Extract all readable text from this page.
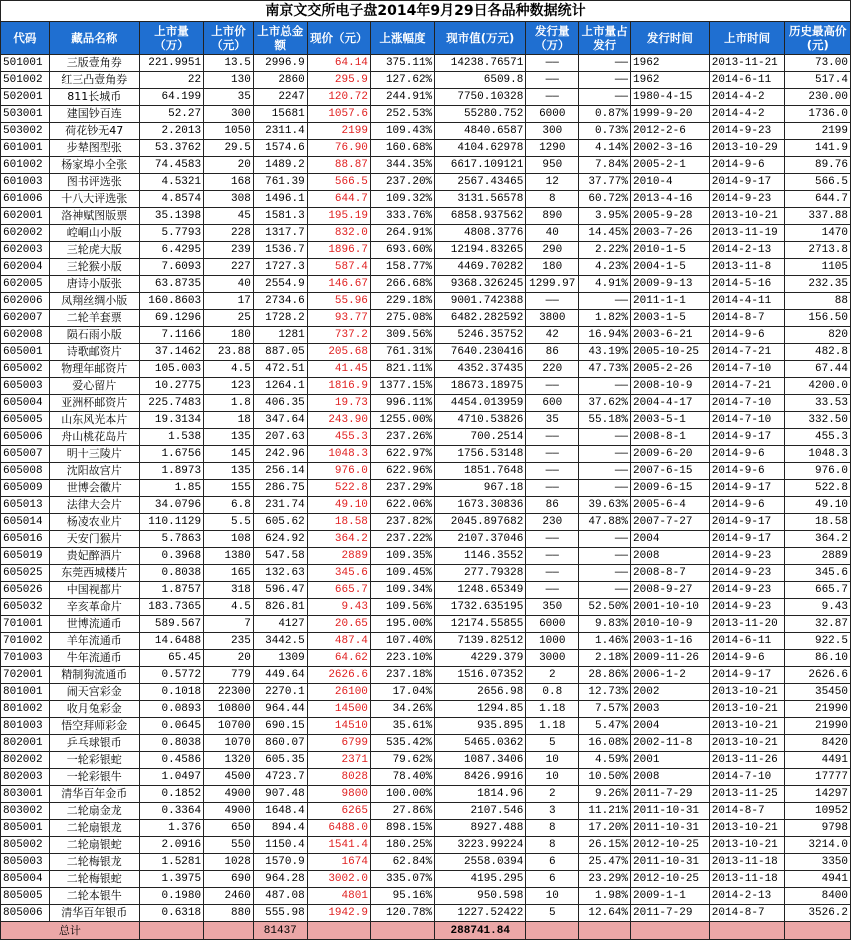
南京文交所电子盘2014年9月29日各品种数据统计												
代码	藏品名称	上市量（万）	上市价（元）	上市总金额	现价（元）	上涨幅度	现市值(万元)	发行量（万）	上市量占发行	发行时间	上市时间	历史最高价(元)
501001	三版壹角券	221.9951	13.5	2996.9	64.14	375.11%	14238.76571	——	——	1962	2013-11-21	73.00
501002	红三凸壹角券	22	130	2860	295.9	127.62%	6509.8	——	——	1962	2014-6-11	517.4
502001	811长城币	64.199	35	2247	120.72	244.91%	7750.10328	——	——	1980-4-15	2014-4-2	230.00
503001	建国钞百连	52.27	300	15681	1057.6	252.53%	55280.752	6000	0.87%	1999-9-20	2014-4-2	1736.0
503002	荷花钞无47	2.2013	1050	2311.4	2199	109.43%	4840.6587	300	0.73%	2012-2-6	2014-9-23	2199
601001	步辇图型张	53.3762	29.5	1574.6	76.90	160.68%	4104.62978	1290	4.14%	2002-3-16	2013-10-29	141.9
601002	杨家埠小全张	74.4583	20	1489.2	88.87	344.35%	6617.109121	950	7.84%	2005-2-1	2014-9-6	89.76
601003	图书评选张	4.5321	168	761.39	566.5	237.20%	2567.43465	12	37.77%	2010-4	2014-9-17	566.5
601006	十八大评选张	4.8574	308	1496.1	644.7	109.32%	3131.56578	8	60.72%	2013-4-16	2014-9-23	644.7
602001	洛神赋图版票	35.1398	45	1581.3	195.19	333.76%	6858.937562	890	3.95%	2005-9-28	2013-10-21	337.88
602002	崆峒山小版	5.7793	228	1317.7	832.0	264.91%	4808.3776	40	14.45%	2003-7-26	2013-11-19	1470
602003	三轮虎大版	6.4295	239	1536.7	1896.7	693.60%	12194.83265	290	2.22%	2010-1-5	2014-2-13	2713.8
602004	三轮猴小版	7.6093	227	1727.3	587.4	158.77%	4469.70282	180	4.23%	2004-1-5	2013-11-8	1105
602005	唐诗小版张	63.8735	40	2554.9	146.67	266.68%	9368.326245	1299.97	4.91%	2009-9-13	2014-5-16	232.35
602006	凤翔丝绸小版	160.8603	17	2734.6	55.96	229.18%	9001.742388	——	——	2011-1-1	2014-4-11	88
602007	二轮羊套票	69.1296	25	1728.2	93.77	275.08%	6482.282592	3800	1.82%	2003-1-5	2014-8-7	156.50
602008	陨石雨小版	7.1166	180	1281	737.2	309.56%	5246.35752	42	16.94%	2003-6-21	2014-9-6	820
605001	诗歌邮资片	37.1462	23.88	887.05	205.68	761.31%	7640.230416	86	43.19%	2005-10-25	2014-7-21	482.8
605002	物理年邮资片	105.003	4.5	472.51	41.45	821.11%	4352.37435	220	47.73%	2005-2-26	2014-7-10	67.44
605003	爱心留片	10.2775	123	1264.1	1816.9	1377.15%	18673.18975	——	——	2008-10-9	2014-7-21	4200.0
605004	亚洲杯邮资片	225.7483	1.8	406.35	19.73	996.11%	4454.013959	600	37.62%	2004-4-17	2014-7-10	33.53
605005	山东风光本片	19.3134	18	347.64	243.90	1255.00%	4710.53826	35	55.18%	2003-5-1	2014-7-10	332.50
605006	舟山桃花岛片	1.538	135	207.63	455.3	237.26%	700.2514	——	——	2008-8-1	2014-9-17	455.3
605007	明十三陵片	1.6756	145	242.96	1048.3	622.97%	1756.53148	——	——	2009-6-20	2014-9-6	1048.3
605008	沈阳故宫片	1.8973	135	256.14	976.0	622.96%	1851.7648	——	——	2007-6-15	2014-9-6	976.0
605009	世博会徽片	1.85	155	286.75	522.8	237.29%	967.18	——	——	2009-6-15	2014-9-17	522.8
605013	法律大会片	34.0796	6.8	231.74	49.10	622.06%	1673.30836	86	39.63%	2005-6-4	2014-9-6	49.10
605014	杨凌农业片	110.1129	5.5	605.62	18.58	237.82%	2045.897682	230	47.88%	2007-7-27	2014-9-17	18.58
605016	天安门猴片	5.7863	108	624.92	364.2	237.22%	2107.37046	——	——	2004	2014-9-17	364.2
605019	贵妃醉酒片	0.3968	1380	547.58	2889	109.35%	1146.3552	——	——	2008	2014-9-23	2889
605025	东莞西城楼片	0.8038	165	132.63	345.6	109.45%	277.79328	——	——	2008-8-7	2014-9-23	345.6
605026	中国视都片	1.8757	318	596.47	665.7	109.34%	1248.65349	——	——	2008-9-27	2014-9-23	665.7
605032	辛亥革命片	183.7365	4.5	826.81	9.43	109.56%	1732.635195	350	52.50%	2001-10-10	2014-9-23	9.43
701001	世博流通币	589.567	7	4127	20.65	195.00%	12174.55855	6000	9.83%	2010-10-9	2013-11-20	32.87
701002	羊年流通币	14.6488	235	3442.5	487.4	107.40%	7139.82512	1000	1.46%	2003-1-16	2014-6-11	922.5
701003	牛年流通币	65.45	20	1309	64.62	223.10%	4229.379	3000	2.18%	2009-11-26	2014-9-6	86.10
702001	精制狗流通币	0.5772	779	449.64	2626.6	237.18%	1516.07352	2	28.86%	2006-1-2	2014-9-17	2626.6
801001	闹天宫彩金	0.1018	22300	2270.1	26100	17.04%	2656.98	0.8	12.73%	2002	2013-10-21	35450
801002	收月兔彩金	0.0893	10800	964.44	14500	34.26%	1294.85	1.18	7.57%	2003	2013-10-21	21990
801003	悟空拜师彩金	0.0645	10700	690.15	14510	35.61%	935.895	1.18	5.47%	2004	2013-10-21	21990
802001	乒乓球银币	0.8038	1070	860.07	6799	535.42%	5465.0362	5	16.08%	2002-11-8	2013-10-21	8420
802002	一轮彩银蛇	0.4586	1320	605.35	2371	79.62%	1087.3406	10	4.59%	2001	2013-11-26	4491
802003	一轮彩银牛	1.0497	4500	4723.7	8028	78.40%	8426.9916	10	10.50%	2008	2014-7-10	17777
803001	清华百年金币	0.1852	4900	907.48	9800	100.00%	1814.96	2	9.26%	2011-7-29	2013-11-25	14297
803002	二轮扇金龙	0.3364	4900	1648.4	6265	27.86%	2107.546	3	11.21%	2011-10-31	2014-8-7	10952
805001	二轮扇银龙	1.376	650	894.4	6488.0	898.15%	8927.488	8	17.20%	2011-10-31	2013-10-21	9798
805002	二轮扇银蛇	2.0916	550	1150.4	1541.4	180.25%	3223.99224	8	26.15%	2012-10-25	2013-10-21	3214.0
805003	二轮梅银龙	1.5281	1028	1570.9	1674	62.84%	2558.0394	6	25.47%	2011-10-31	2013-11-18	3350
805004	二轮梅银蛇	1.3975	690	964.28	3002.0	335.07%	4195.295	6	23.29%	2012-10-25	2013-11-18	4941
805005	二轮本银牛	0.1980	2460	487.08	4801	95.16%	950.598	10	1.98%	2009-1-1	2014-2-13	8400
805006	清华百年银币	0.6318	880	555.98	1942.9	120.78%	1227.52422	5	12.64%	2011-7-29	2014-8-7	3526.2
总计				81437			288741.84					
